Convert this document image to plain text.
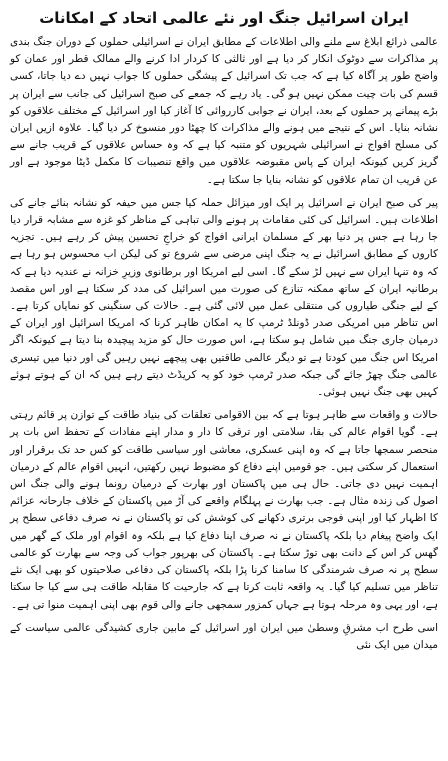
ایران اسرائیل جنگ اور نئے عالمی اتحاد کے امکانات

عالمی ذرائع ابلاغ سے ملنے والی اطلاعات کے مطابق ایران نے اسرائیلی حملوں کے دوران جنگ بندی پر مذاکرات سے دوٹوک انکار کر دیا ہے اور ثالثی کا کردار ادا کرنے والے ممالک قطر اور عمان کو واضح طور پر آگاہ کیا ہے کہ جب تک اسرائیل کے پیشگی حملوں کا جواب نہیں دے دیا جاتا، کسی قسم کی بات چیت ممکن نہیں ہو گی۔ یاد رہے کہ جمعے کی صبح اسرائیل کی جانب سے ایران پر بڑے پیمانے پر حملوں کے بعد، ایران نے جوابی کارروائی کا آغاز کیا اور اسرائیل کے مختلف علاقوں کو نشانہ بنایا۔ اس کے نتیجے میں ہونے والے مذاکرات کا چھٹا دور منسوخ کر دیا گیا۔ علاوہ ازیں ایران کی مسلح افواج نے اسرائیلی شہریوں کو متنبہ کیا ہے کہ وہ حساس علاقوں کے قریب جانے سے گریز کریں کیونکہ ایران کے پاس مقبوضہ علاقوں میں واقع تنصیبات کا مکمل ڈیٹا موجود ہے اور عن قریب ان تمام علاقوں کو نشانہ بنایا جا سکتا ہے۔

پیر کی صبح ایران نے اسرائیل پر ایک اور میزائل حملہ کیا جس میں حیفہ کو نشانہ بنائے جانے کی اطلاعات ہیں۔ اسرائیل کی کئی مقامات پر ہونے والی تباہی کے مناظر کو غزہ سے مشابہ قرار دیا جا رہا ہے جس پر دنیا بھر کے مسلمان ایرانی افواج کو خراجِ تحسین پیش کر رہے ہیں۔ تجزیہ کاروں کے مطابق اسرائیل نے یہ جنگ اپنی مرضی سے شروع تو کی لیکن اب محسوس ہو رہا ہے کہ وہ تنہا ایران سے نہیں لڑ سکے گا۔ اسی لیے امریکا اور برطانوی وزیرِ خزانہ نے عندیہ دیا ہے کہ برطانیہ ایران کے ساتھ ممکنہ تنازع کی صورت میں اسرائیل کی مدد کر سکتا ہے اور اس مقصد کے لیے جنگی طیاروں کی منتقلی عمل میں لائی گئی ہے۔ حالات کی سنگینی کو نمایاں کرتا ہے۔ اس تناظر میں امریکی صدر ڈونلڈ ٹرمپ کا یہ امکان ظاہر کرنا کہ امریکا اسرائیل اور ایران کے درمیان جاری جنگ میں شامل ہو سکتا ہے، اس صورت حال کو مزید پیچیدہ بنا دیتا ہے کیونکہ اگر امریکا اس جنگ میں کودتا ہے تو دیگر عالمی طاقتیں بھی پیچھے نہیں رہیں گی اور دنیا میں تیسری عالمی جنگ چھڑ جائے گی جبکہ صدر ٹرمپ خود کو یہ کریڈٹ دیتے رہے ہیں کہ ان کے ہوتے ہوئے کہیں بھی جنگ نہیں ہوئی۔

حالات و واقعات سے ظاہر ہوتا ہے کہ بین الاقوامی تعلقات کی بنیاد طاقت کے توازن پر قائم رہتی ہے۔ گویا اقوام عالم کی بقا، سلامتی اور ترقی کا دار و مدار اپنے مفادات کے تحفظ اس بات پر منحصر سمجھا جاتا ہے کہ وہ اپنی عسکری، معاشی اور سیاسی طاقت کو کس حد تک برقرار اور استعمال کر سکتی ہیں۔ جو قومیں اپنے دفاع کو مضبوط نہیں رکھتیں، انہیں اقوام عالم کے درمیان اہمیت نہیں دی جاتی۔ حال ہی میں پاکستان اور بھارت کے درمیان رونما ہونے والی جنگ اس اصول کی زندہ مثال ہے۔ جب بھارت نے پہلگام واقعے کی آڑ میں پاکستان کے خلاف جارحانہ عزائم کا اظہار کیا اور اپنی فوجی برتری دکھانے کی کوشش کی تو پاکستان نے نہ صرف دفاعی سطح پر ایک واضح پیغام دیا بلکہ پاکستان نے نہ صرف اپنا دفاع کیا ہے بلکہ وہ اقوام اور ملک کے گھر میں گھس کر اس کے دانت بھی توڑ سکتا ہے۔ پاکستان کی بھرپور جواب کی وجہ سے بھارت کو عالمی سطح پر نہ صرف شرمندگی کا سامنا کرنا پڑا بلکہ پاکستان کی دفاعی صلاحیتوں کو بھی ایک نئے تناظر میں تسلیم کیا گیا۔ یہ واقعہ ثابت کرتا ہے کہ جارحیت کا مقابلہ طاقت ہی سے کیا جا سکتا ہے، اور یہی وہ مرحلہ ہوتا ہے جہاں کمزور سمجھی جانے والی قوم بھی اپنی اہمیت منوا تی ہے۔

اسی طرح اب مشرقِ وسطیٰ میں ایران اور اسرائیل کے مابین جاری کشیدگی عالمی سیاست کے میدان میں ایک نئی
